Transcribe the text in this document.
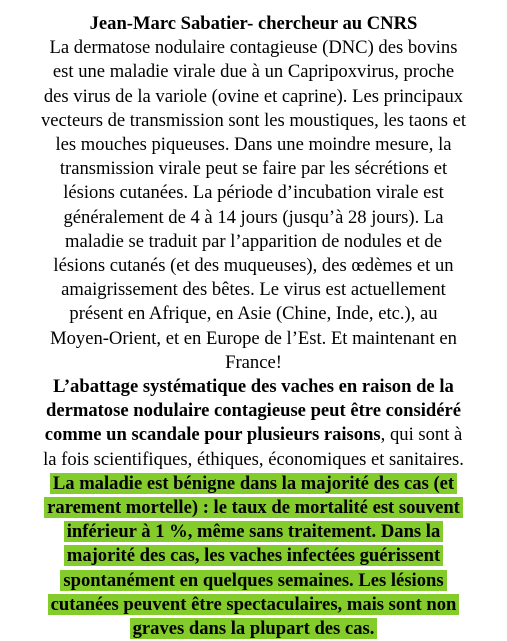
Jean-Marc Sabatier- chercheur au CNRS
La dermatose nodulaire contagieuse (DNC) des bovins
est une maladie virale due à un Capripoxvirus, proche
des virus de la variole (ovine et caprine). Les principaux
vecteurs de transmission sont les moustiques, les taons et
les mouches piqueuses. Dans une moindre mesure, la
transmission virale peut se faire par les sécrétions et
lésions cutanées. La période d’incubation virale est
généralement de 4 à 14 jours (jusqu’à 28 jours). La
maladie se traduit par l’apparition de nodules et de
lésions cutanés (et des muqueuses), des œdèmes et un
amaigrissement des bêtes. Le virus est actuellement
présent en Afrique, en Asie (Chine, Inde, etc.), au
Moyen-Orient, et en Europe de l’Est. Et maintenant en
France!
L’abattage systématique des vaches en raison de la
dermatose nodulaire contagieuse peut être considéré
comme un scandale pour plusieurs raisons, qui sont à
la fois scientifiques, éthiques, économiques et sanitaires.
La maladie est bénigne dans la majorité des cas (et
rarement mortelle) : le taux de mortalité est souvent
inférieur à 1 %, même sans traitement. Dans la
majorité des cas, les vaches infectées guérissent
spontanément en quelques semaines. Les lésions
cutanées peuvent être spectaculaires, mais sont non
graves dans la plupart des cas.
